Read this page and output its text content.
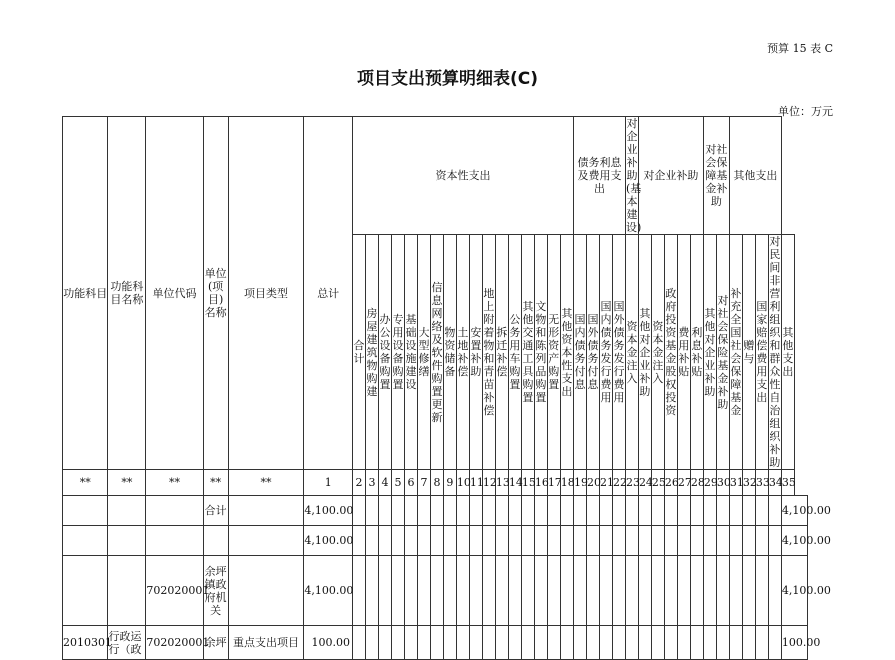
预算 15 表 C
项目支出预算明细表(C)
单位：万元
功能科目	功能科目名称	单位代码	单位(项目)名称	项目类型	总计	资本性支出																	债务利息及费用支出				对企业补助(基本建设)	对企业补助					对社会保障基金补助		其他支出				
						合计	房屋建筑物购建	办公设备购置	专用设备购置	基础设施建设	大型修缮	信息网络及软件购置更新	物资储备	土地补偿	安置补助	地上附着物和青苗补偿	拆迁补偿	公务用车购置	其他交通工具购置	文物和陈列品购置	无形资产购置	其他资本性支出	国内债务付息	国外债务付息	国内债务发行费用	国外债务发行费用	资本金注入	其他对企业补助	资本金注入	政府投资基金股权投资	费用补贴	利息补贴	其他对企业补助	对社会保险基金补助	补充全国社会保障基金	赠与	国家赔偿费用支出	对民间非营利组织和群众性自治组织补助	其他支出
**	**	**	**	**	1	2	3	4	5	6	7	8	9	10	11	12	13	14	15	16	17	18	19	20	21	22	23	24	25	26	27	28	29	30	31	32	33	34	35
			合计		4,100.00																																		4,100.00
					4,100.00																																		4,100.00
		702020001	余坪镇政府机关		4,100.00																																		4,100.00
2010301	行政运行（政	702020001	余坪	重点支出项目	100.00																																		100.00
